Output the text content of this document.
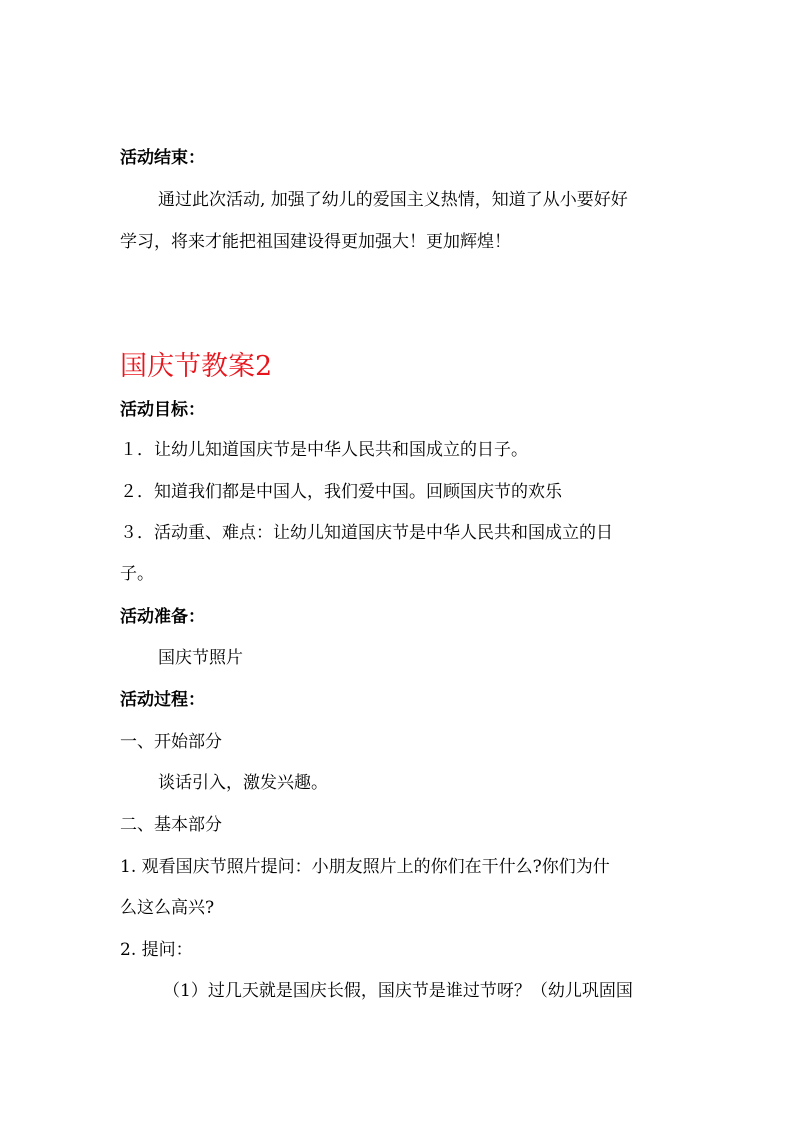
活动结束：
通过此次活动, 加强了幼儿的爱国主义热情，知道了从小要好好
学习，将来才能把祖国建设得更加强大！更加辉煌！
国庆节教案2
活动目标：
１．让幼儿知道国庆节是中华人民共和国成立的日子。
２．知道我们都是中国人，我们爱中国。回顾国庆节的欢乐
３．活动重、难点：让幼儿知道国庆节是中华人民共和国成立的日
子。
活动准备：
国庆节照片
活动过程：
一、开始部分
谈话引入，激发兴趣。
二、基本部分
1. 观看国庆节照片提问：小朋友照片上的你们在干什么?你们为什
么这么高兴?
2. 提问：
（1）过几天就是国庆长假，国庆节是谁过节呀？（幼儿巩固国
